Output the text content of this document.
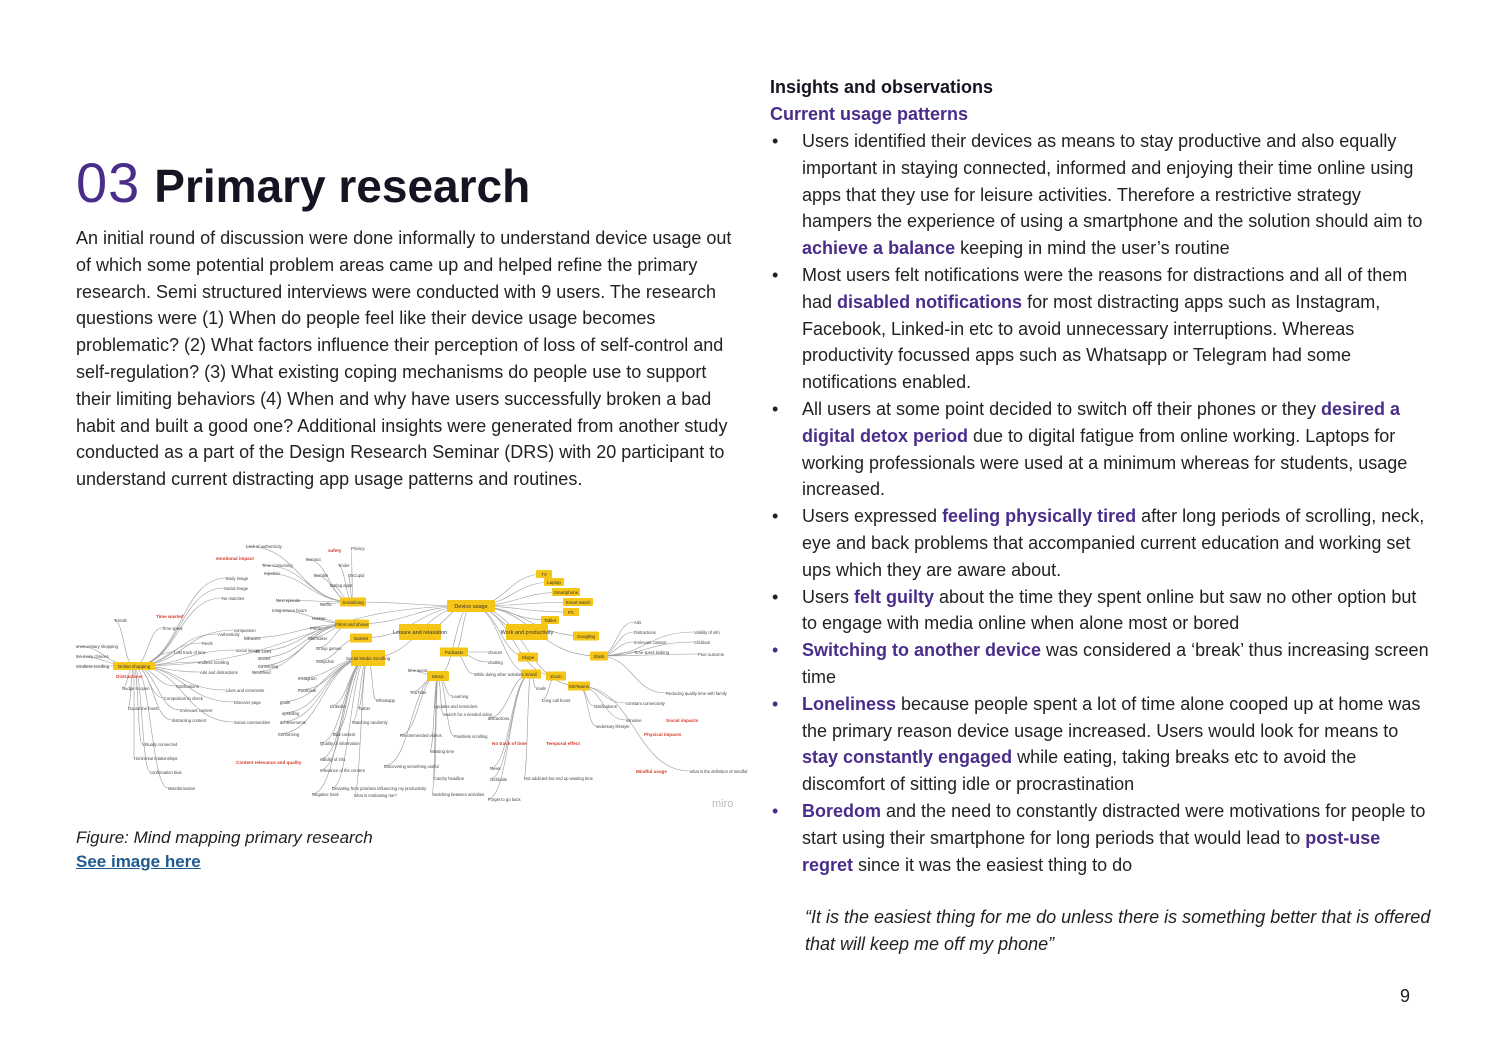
03 Primary research

An initial round of discussion were done informally to understand device usage out of which some potential problem areas came up and helped refine the primary research. Semi structured interviews were conducted with 9 users. The research questions were (1) When do people feel like their device usage becomes problematic? (2) What factors influence their perception of loss of self-control and self-regulation? (3) What existing coping mechanisms do people use to support their limiting behaviors (4) When and why have users successfully broken a bad habit and built a good one? Additional insights were generated from another study conducted as a part of the Design Research Seminar (DRS) with 20 participant to understand current distracting app usage patterns and routines.

Device usage
Leisure and relaxation	Work and productivity
Social Media Scrolling
Music
Films and shows
Games
Socializing
Podcasts
Skype
Zoom
Email
MSTeams
Googling
Slack
TV
Laptop
Smartphone
Smart watch
PC
Tablet
Online shopping
Lack of authenticity	Privacy
Burnout
Tinder
OkCupid
Bumble
Dating apps
Time consuming
rejection
Body image
Social image
No matches	Next episode
Long screen hours
Netflix
Hotstar
Prime
Starmaker
Group games
Trends
Time spent	comparison
Authenticity
followers
social image
IG Lives
stories
connecting
Reels
Lost track of time
endless scrolling
Ads and distractions	Newsfeed
Snapchat
Instagram
Facebook
LinkedIn	Twitter
Whatsapp
YouTube
Notifications
Nudge to open
Compulsion to check
Dopamine boost	Irrelevant content
distracting content
Likes and comments
Discover page
Social communities
goals
upskilling
achievements
Connecting
Virtually connected
Horizontal relationships
confirmation bias
Misinformation
Bad content
Quality of information
validity of info
relevance of the content
Watching randomly
Recommended videos
Learning
Updates and reminders
Search for a needed video
Pointless scrolling
Wasting time
Discovering something useful
Deviating from priorities influencing my productivity
Negative track	what is motivating me?	Switching between activities
Forget to go back
Catchy headline
News
clickbaits	Not addicted but end up wasting time
chatting
choices
While doing other activities
time spent
mails
Long call hours
Notifications
sedentary lifestyle
intrusive
constant connectivity
Reducing quality time with family
Ads
Distractions
Irrelevant content
Time spent looking
Validity of info
Clickbait
Poor outcome
what is the definition of mindful
unnecessary shopping
too many choices
mindless scrolling
distractions
emotional impact
safety
Time wasted
Distractions
Content relevance and quality
No track of time	Temporal effect
Physical impacts
Social impacts
Mindful usage
miro
Figure: Mind mapping primary research
See image here
Insights and observations
Current usage patterns
• Users identified their devices as means to stay productive and also equally important in staying connected, informed and enjoying their time online using apps that they use for leisure activities. Therefore a restrictive strategy hampers the experience of using a smartphone and the solution should aim to achieve a balance keeping in mind the user’s routine
• Most users felt notifications were the reasons for distractions and all of them had disabled notifications for most distracting apps such as Instagram, Facebook, Linked-in etc to avoid unnecessary interruptions. Whereas productivity focussed apps such as Whatsapp or Telegram had some notifications enabled.
• All users at some point decided to switch off their phones or they desired a digital detox period due to digital fatigue from online working. Laptops for working professionals were used at a minimum whereas for students, usage increased.
• Users expressed feeling physically tired after long periods of scrolling, neck, eye and back problems that accompanied current education and working set ups which they are aware about.
• Users felt guilty about the time they spent online but saw no other option but to engage with media online when alone most or bored
• Switching to another device was considered a ‘break’ thus increasing screen time
• Loneliness because people spent a lot of time alone cooped up at home was the primary reason device usage increased. Users would look for means to stay constantly engaged while eating, taking breaks etc to avoid the discomfort of sitting idle or procrastination
• Boredom and the need to constantly distracted were motivations for people to start using their smartphone for long periods that would lead to post-use regret since it was the easiest thing to do
“It is the easiest thing for me do unless there is something better that is offered that will keep me off my phone”
9
